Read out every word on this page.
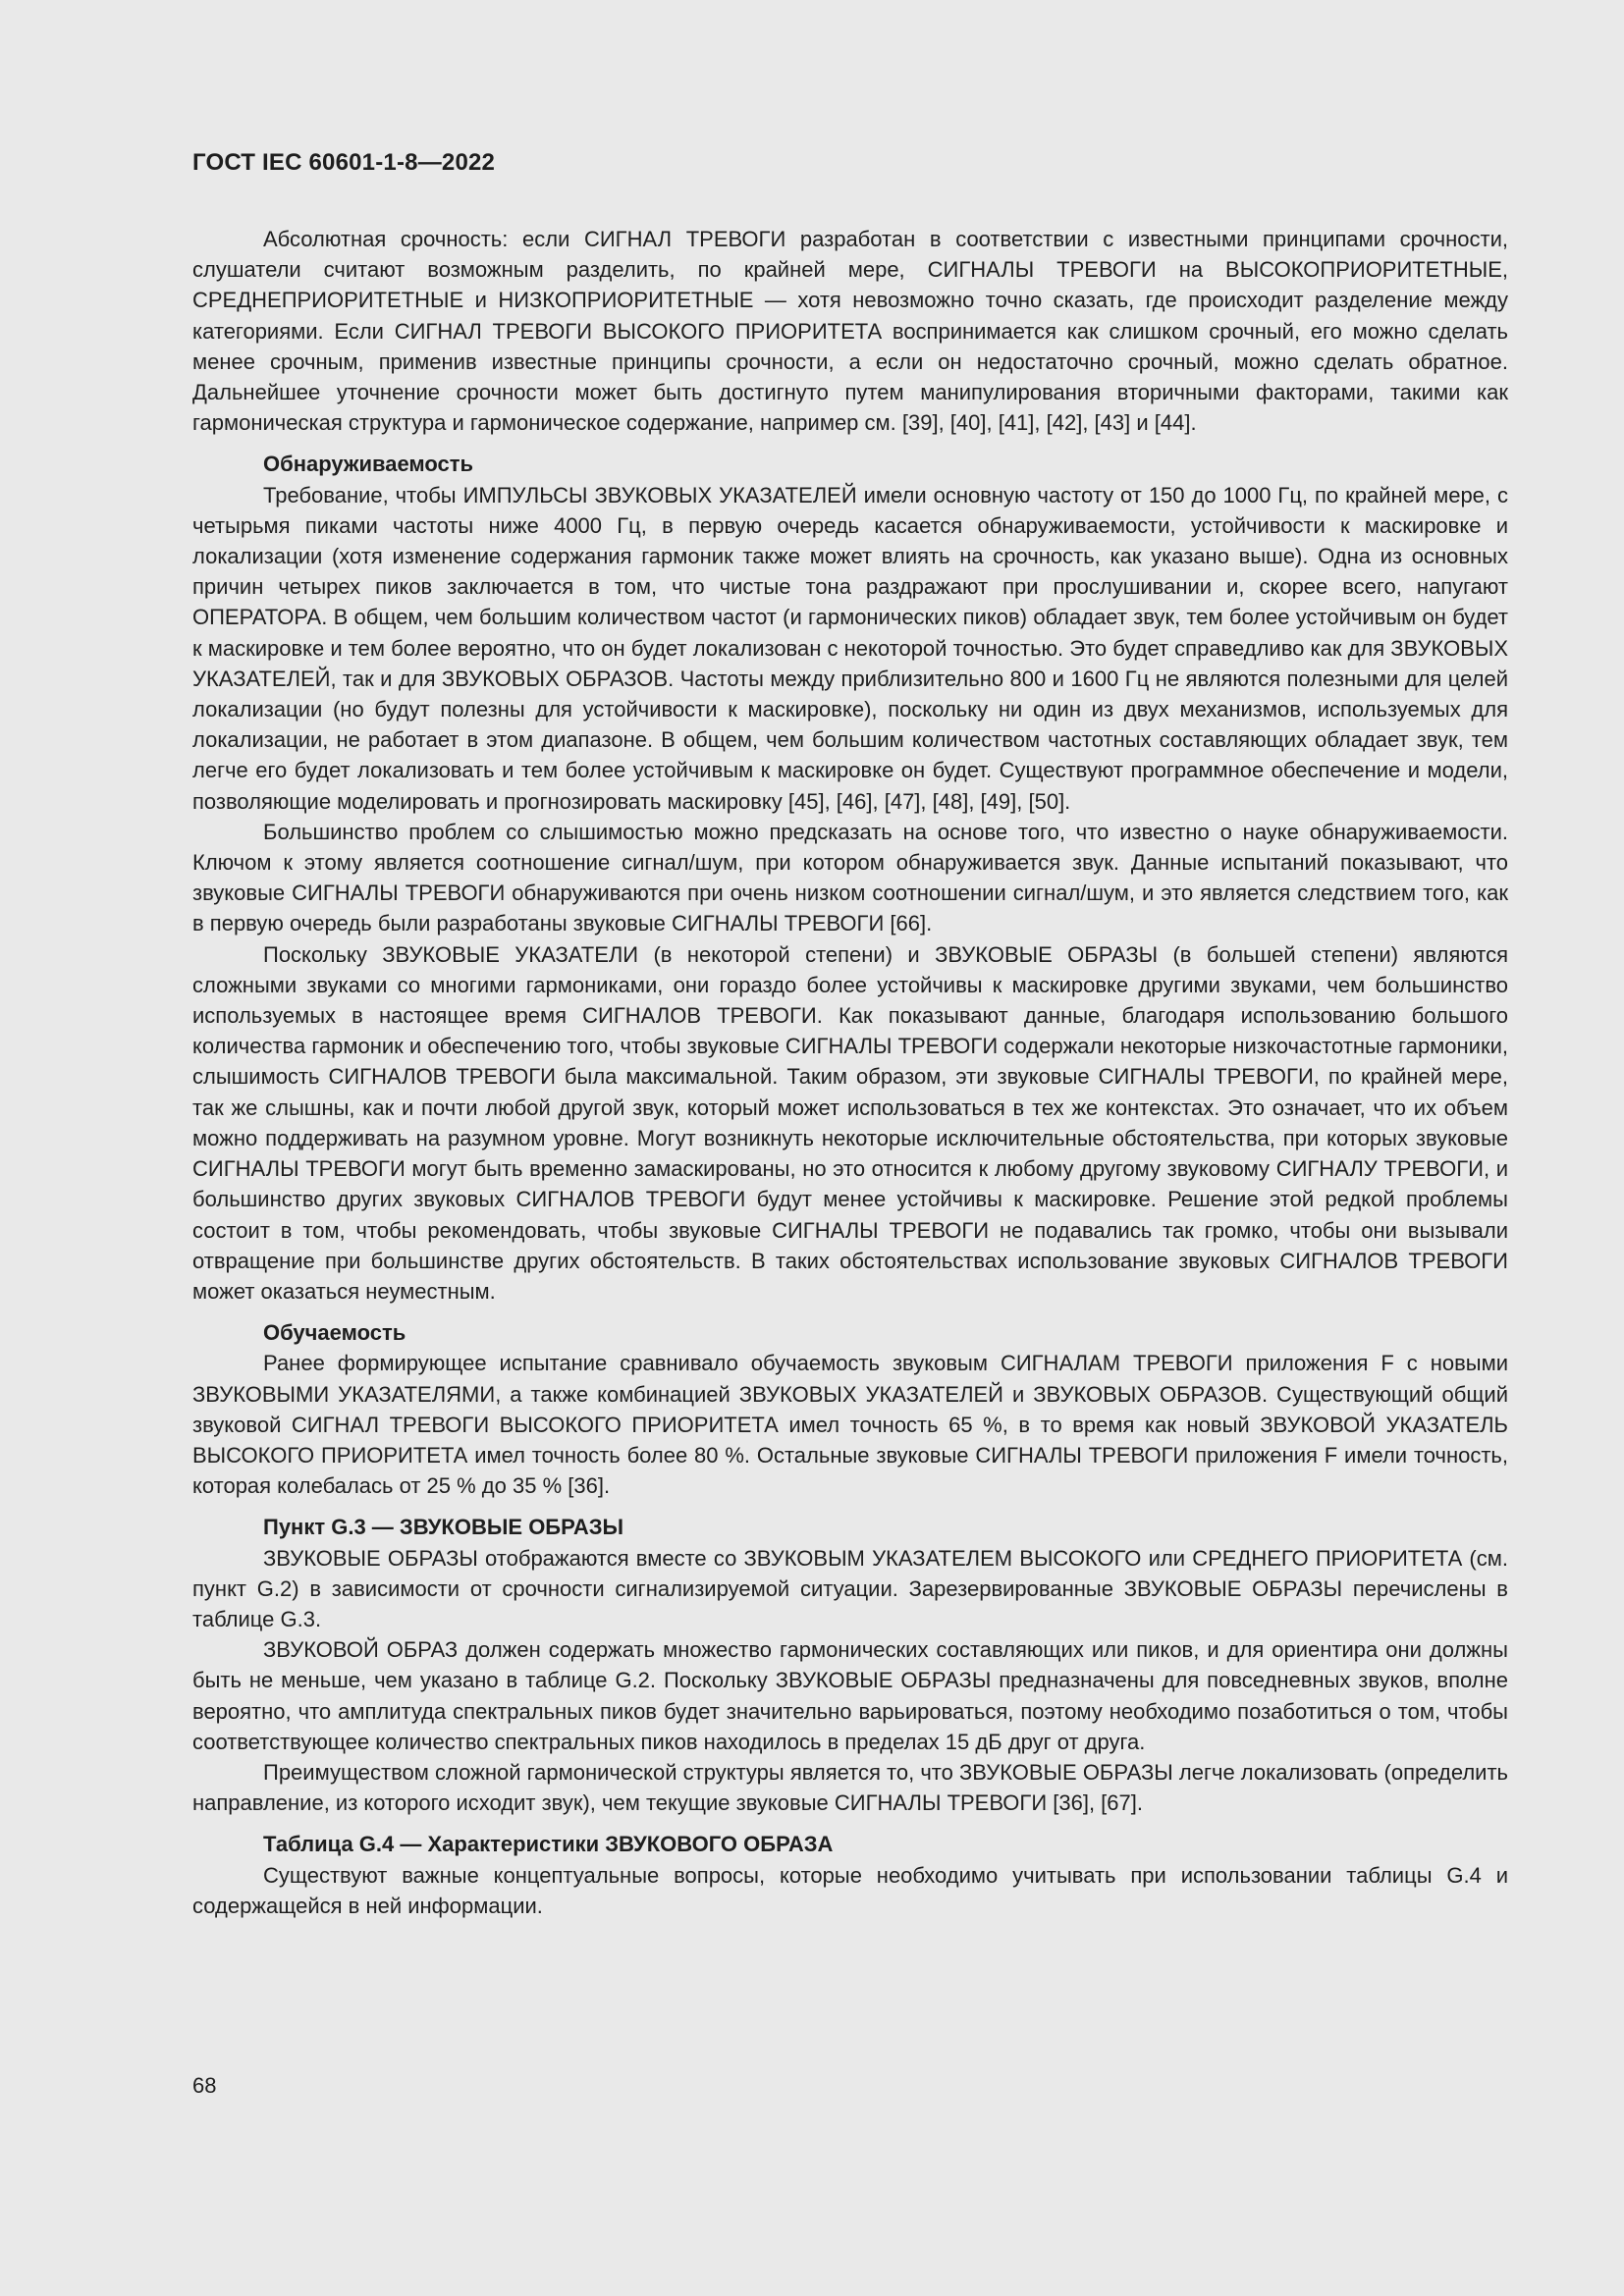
ГОСТ IEC 60601-1-8—2022

Абсолютная срочность: если СИГНАЛ ТРЕВОГИ разработан в соответствии с известными принципами срочности, слушатели считают возможным разделить, по крайней мере, СИГНАЛЫ ТРЕВОГИ на ВЫСОКОПРИОРИТЕТНЫЕ, СРЕДНЕПРИОРИТЕТНЫЕ и НИЗКОПРИОРИТЕТНЫЕ — хотя невозможно точно сказать, где происходит разделение между категориями. Если СИГНАЛ ТРЕВОГИ ВЫСОКОГО ПРИОРИТЕТА воспринимается как слишком срочный, его можно сделать менее срочным, применив известные принципы срочности, а если он недостаточно срочный, можно сделать обратное. Дальнейшее уточнение срочности может быть достигнуто путем манипулирования вторичными факторами, такими как гармоническая структура и гармоническое содержание, например см. [39], [40], [41], [42], [43] и [44].

Обнаруживаемость

Требование, чтобы ИМПУЛЬСЫ ЗВУКОВЫХ УКАЗАТЕЛЕЙ имели основную частоту от 150 до 1000 Гц, по крайней мере, с четырьмя пиками частоты ниже 4000 Гц, в первую очередь касается обнаруживаемости, устойчивости к маскировке и локализации (хотя изменение содержания гармоник также может влиять на срочность, как указано выше). Одна из основных причин четырех пиков заключается в том, что чистые тона раздражают при прослушивании и, скорее всего, напугают ОПЕРАТОРА. В общем, чем большим количеством частот (и гармонических пиков) обладает звук, тем более устойчивым он будет к маскировке и тем более вероятно, что он будет локализован с некоторой точностью. Это будет справедливо как для ЗВУКОВЫХ УКАЗАТЕЛЕЙ, так и для ЗВУКОВЫХ ОБРАЗОВ. Частоты между приблизительно 800 и 1600 Гц не являются полезными для целей локализации (но будут полезны для устойчивости к маскировке), поскольку ни один из двух механизмов, используемых для локализации, не работает в этом диапазоне. В общем, чем большим количеством частотных составляющих обладает звук, тем легче его будет локализовать и тем более устойчивым к маскировке он будет. Существуют программное обеспечение и модели, позволяющие моделировать и прогнозировать маскировку [45], [46], [47], [48], [49], [50].

Большинство проблем со слышимостью можно предсказать на основе того, что известно о науке обнаруживаемости. Ключом к этому является соотношение сигнал/шум, при котором обнаруживается звук. Данные испытаний показывают, что звуковые СИГНАЛЫ ТРЕВОГИ обнаруживаются при очень низком соотношении сигнал/шум, и это является следствием того, как в первую очередь были разработаны звуковые СИГНАЛЫ ТРЕВОГИ [66].

Поскольку ЗВУКОВЫЕ УКАЗАТЕЛИ (в некоторой степени) и ЗВУКОВЫЕ ОБРАЗЫ (в большей степени) являются сложными звуками со многими гармониками, они гораздо более устойчивы к маскировке другими звуками, чем большинство используемых в настоящее время СИГНАЛОВ ТРЕВОГИ. Как показывают данные, благодаря использованию большого количества гармоник и обеспечению того, чтобы звуковые СИГНАЛЫ ТРЕВОГИ содержали некоторые низкочастотные гармоники, слышимость СИГНАЛОВ ТРЕВОГИ была максимальной. Таким образом, эти звуковые СИГНАЛЫ ТРЕВОГИ, по крайней мере, так же слышны, как и почти любой другой звук, который может использоваться в тех же контекстах. Это означает, что их объем можно поддерживать на разумном уровне. Могут возникнуть некоторые исключительные обстоятельства, при которых звуковые СИГНАЛЫ ТРЕВОГИ могут быть временно замаскированы, но это относится к любому другому звуковому СИГНАЛУ ТРЕВОГИ, и большинство других звуковых СИГНАЛОВ ТРЕВОГИ будут менее устойчивы к маскировке. Решение этой редкой проблемы состоит в том, чтобы рекомендовать, чтобы звуковые СИГНАЛЫ ТРЕВОГИ не подавались так громко, чтобы они вызывали отвращение при большинстве других обстоятельств. В таких обстоятельствах использование звуковых СИГНАЛОВ ТРЕВОГИ может оказаться неуместным.

Обучаемость

Ранее формирующее испытание сравнивало обучаемость звуковым СИГНАЛАМ ТРЕВОГИ приложения F с новыми ЗВУКОВЫМИ УКАЗАТЕЛЯМИ, а также комбинацией ЗВУКОВЫХ УКАЗАТЕЛЕЙ и ЗВУКОВЫХ ОБРАЗОВ. Существующий общий звуковой СИГНАЛ ТРЕВОГИ ВЫСОКОГО ПРИОРИТЕТА имел точность 65 %, в то время как новый ЗВУКОВОЙ УКАЗАТЕЛЬ ВЫСОКОГО ПРИОРИТЕТА имел точность более 80 %. Остальные звуковые СИГНАЛЫ ТРЕВОГИ приложения F имели точность, которая колебалась от 25 % до 35 % [36].

Пункт G.3 — ЗВУКОВЫЕ ОБРАЗЫ

ЗВУКОВЫЕ ОБРАЗЫ отображаются вместе со ЗВУКОВЫМ УКАЗАТЕЛЕМ ВЫСОКОГО или СРЕДНЕГО ПРИОРИТЕТА (см. пункт G.2) в зависимости от срочности сигнализируемой ситуации. Зарезервированные ЗВУКОВЫЕ ОБРАЗЫ перечислены в таблице G.3.

ЗВУКОВОЙ ОБРАЗ должен содержать множество гармонических составляющих или пиков, и для ориентира они должны быть не меньше, чем указано в таблице G.2. Поскольку ЗВУКОВЫЕ ОБРАЗЫ предназначены для повседневных звуков, вполне вероятно, что амплитуда спектральных пиков будет значительно варьироваться, поэтому необходимо позаботиться о том, чтобы соответствующее количество спектральных пиков находилось в пределах 15 дБ друг от друга.

Преимуществом сложной гармонической структуры является то, что ЗВУКОВЫЕ ОБРАЗЫ легче локализовать (определить направление, из которого исходит звук), чем текущие звуковые СИГНАЛЫ ТРЕВОГИ [36], [67].

Таблица G.4 — Характеристики ЗВУКОВОГО ОБРАЗА

Существуют важные концептуальные вопросы, которые необходимо учитывать при использовании таблицы G.4 и содержащейся в ней информации.

68
